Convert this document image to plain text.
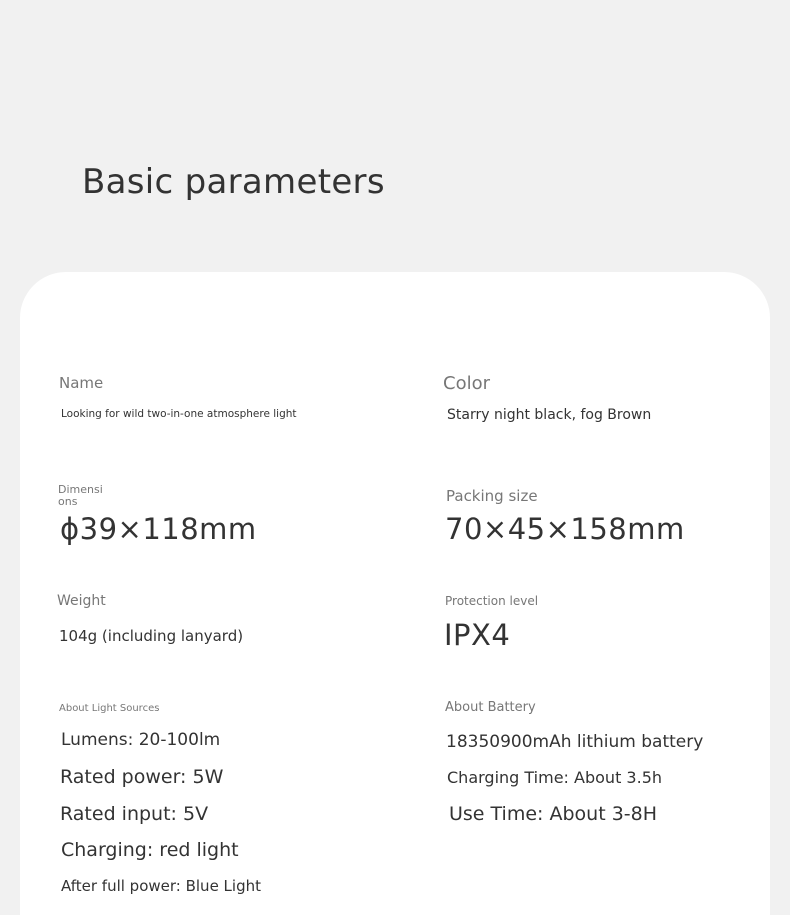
Basic parameters

Name

Looking for wild two-in-one atmosphere light

Color

Starry night black, fog Brown

Dimensions

ϕ39×118mm

Packing size

70×45×158mm

Weight

104g (including lanyard)

Protection level

IPX4

About Light Sources

Lumens: 20-100lm

Rated power: 5W

Rated input: 5V

Charging: red light

After full power: Blue Light

About Battery

18350900mAh lithium battery

Charging Time: About 3.5h

Use Time: About 3-8H
